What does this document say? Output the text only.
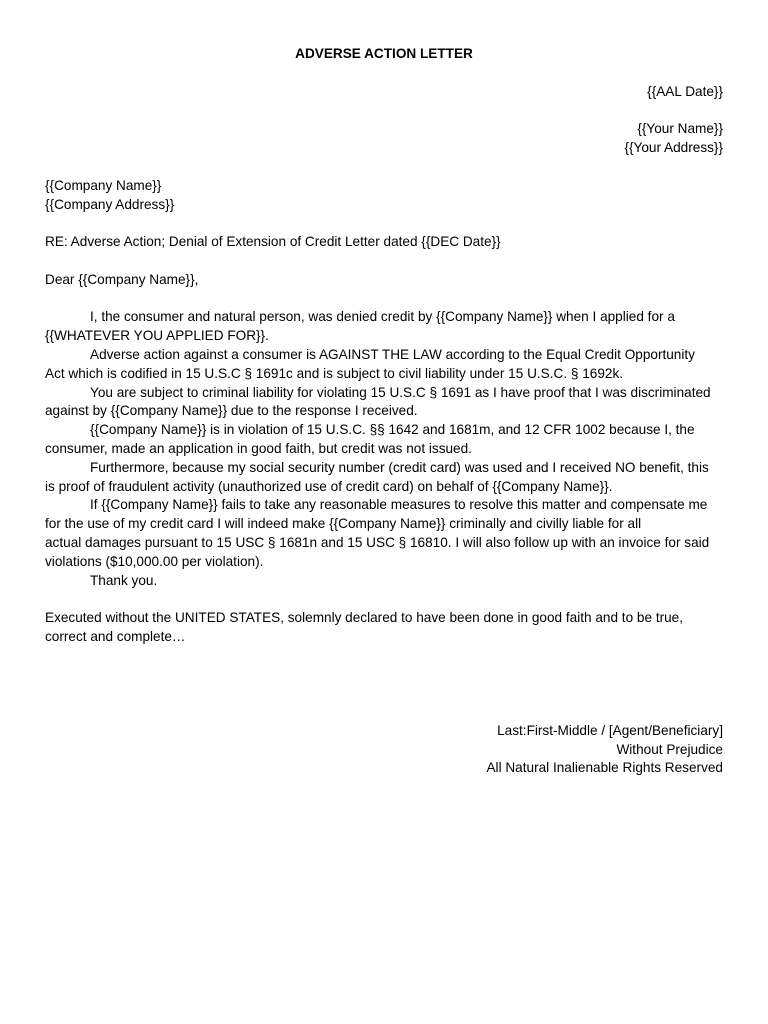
ADVERSE ACTION LETTER

{{AAL Date}}
{{Your Name}}
{{Your Address}}
{{Company Name}}
{{Company Address}}
RE: Adverse Action; Denial of Extension of Credit Letter dated {{DEC Date}}
Dear {{Company Name}},
I, the consumer and natural person, was denied credit by {{Company Name}} when I applied for a
{{WHATEVER YOU APPLIED FOR}}.
Adverse action against a consumer is AGAINST THE LAW according to the Equal Credit Opportunity
Act which is codified in 15 U.S.C § 1691c and is subject to civil liability under 15 U.S.C. § 1692k.
You are subject to criminal liability for violating 15 U.S.C § 1691 as I have proof that I was discriminated
against by {{Company Name}} due to the response I received.
{{Company Name}} is in violation of 15 U.S.C. §§ 1642 and 1681m, and 12 CFR 1002 because I, the
consumer, made an application in good faith, but credit was not issued.
Furthermore, because my social security number (credit card) was used and I received NO benefit, this
is proof of fraudulent activity (unauthorized use of credit card) on behalf of {{Company Name}}.
If {{Company Name}} fails to take any reasonable measures to resolve this matter and compensate me
for the use of my credit card I will indeed make {{Company Name}} criminally and civilly liable for all
actual damages pursuant to 15 USC § 1681n and 15 USC § 16810. I will also follow up with an invoice for said
violations ($10,000.00 per violation).
Thank you.
Executed without the UNITED STATES, solemnly declared to have been done in good faith and to be true,
correct and complete…
Last:First-Middle / [Agent/Beneficiary]
Without Prejudice
All Natural Inalienable Rights Reserved
